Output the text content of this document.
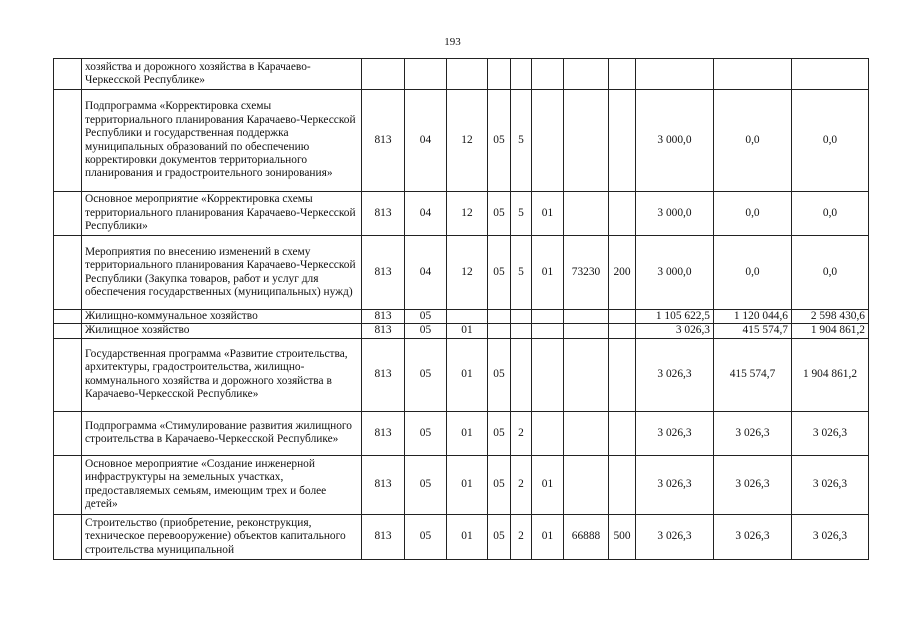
193
	хозяйства и дорожного хозяйства в Карачаево-Черкесской Республике»											
	Подпрограмма «Корректировка схемы территориального планирования Карачаево-Черкесской Республики и государственная поддержка муниципальных образований по обеспечению корректировки документов территориального планирования и градостроительного зонирования»	813	04	12	05	5				3 000,0	0,0	0,0
	Основное мероприятие «Корректировка схемы территориального планирования Карачаево-Черкесской Республики»	813	04	12	05	5	01			3 000,0	0,0	0,0
	Мероприятия по внесению изменений в схему территориального планирования Карачаево-Черкесской Республики (Закупка товаров, работ и услуг для обеспечения государственных (муниципальных) нужд)	813	04	12	05	5	01	73230	200	3 000,0	0,0	0,0
	Жилищно-коммунальное хозяйство	813	05							1 105 622,5	1 120 044,6	2 598 430,6
	Жилищное хозяйство	813	05	01						3 026,3	415 574,7	1 904 861,2
	Государственная программа «Развитие строительства, архитектуры, градостроительства, жилищно-коммунального хозяйства и дорожного хозяйства в Карачаево-Черкесской Республике»	813	05	01	05					3 026,3	415 574,7	1 904 861,2
	Подпрограмма «Стимулирование развития жилищного строительства в Карачаево-Черкесской Республике»	813	05	01	05	2				3 026,3	3 026,3	3 026,3
	Основное мероприятие «Создание инженерной инфраструктуры на земельных участках, предоставляемых семьям, имеющим трех и более детей»	813	05	01	05	2	01			3 026,3	3 026,3	3 026,3
	Строительство (приобретение, реконструкция, техническое перевооружение) объектов капитального строительства муниципальной	813	05	01	05	2	01	66888	500	3 026,3	3 026,3	3 026,3
